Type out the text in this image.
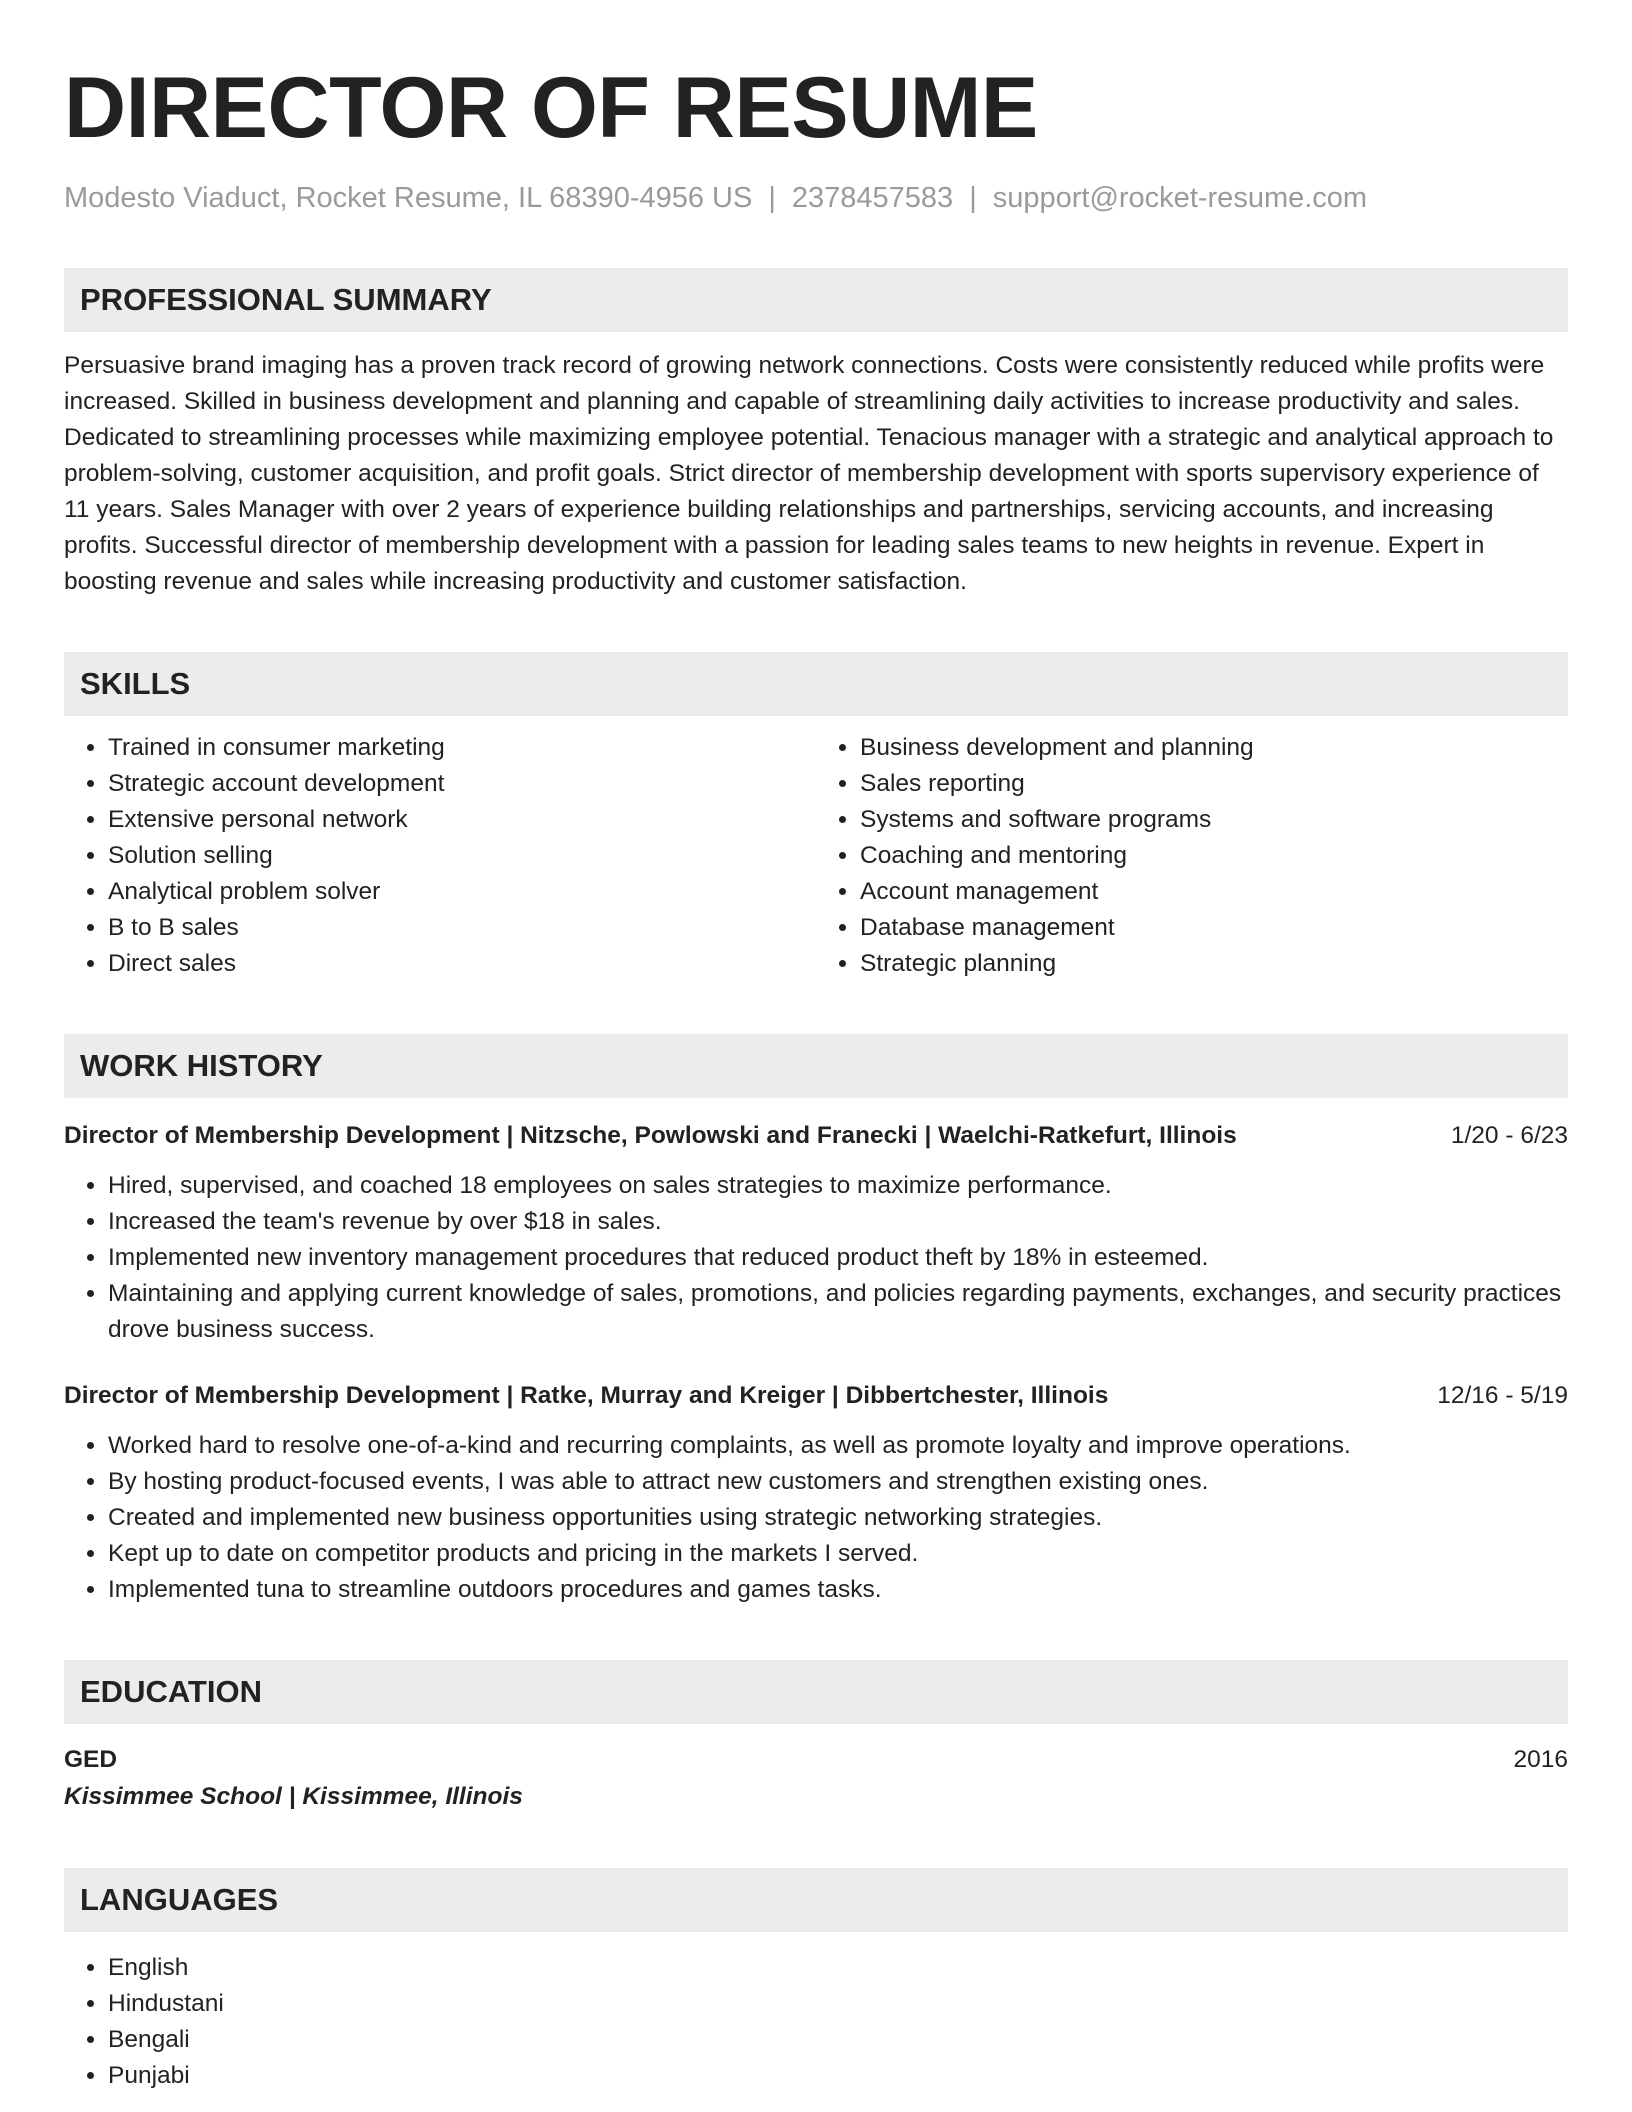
DIRECTOR OF RESUME
Modesto Viaduct, Rocket Resume, IL 68390-4956 US | 2378457583 | support@rocket-resume.com
PROFESSIONAL SUMMARY
Persuasive brand imaging has a proven track record of growing network connections. Costs were consistently reduced while profits were increased. Skilled in business development and planning and capable of streamlining daily activities to increase productivity and sales. Dedicated to streamlining processes while maximizing employee potential. Tenacious manager with a strategic and analytical approach to problem-solving, customer acquisition, and profit goals. Strict director of membership development with sports supervisory experience of 11 years. Sales Manager with over 2 years of experience building relationships and partnerships, servicing accounts, and increasing profits. Successful director of membership development with a passion for leading sales teams to new heights in revenue. Expert in boosting revenue and sales while increasing productivity and customer satisfaction.
SKILLS
• Trained in consumer marketing
• Strategic account development
• Extensive personal network
• Solution selling
• Analytical problem solver
• B to B sales
• Direct sales
• Business development and planning
• Sales reporting
• Systems and software programs
• Coaching and mentoring
• Account management
• Database management
• Strategic planning
WORK HISTORY
Director of Membership Development | Nitzsche, Powlowski and Franecki | Waelchi-Ratkefurt, Illinois	1/20 - 6/23
• Hired, supervised, and coached 18 employees on sales strategies to maximize performance.
• Increased the team's revenue by over $18 in sales.
• Implemented new inventory management procedures that reduced product theft by 18% in esteemed.
• Maintaining and applying current knowledge of sales, promotions, and policies regarding payments, exchanges, and security practices drove business success.
Director of Membership Development | Ratke, Murray and Kreiger | Dibbertchester, Illinois	12/16 - 5/19
• Worked hard to resolve one-of-a-kind and recurring complaints, as well as promote loyalty and improve operations.
• By hosting product-focused events, I was able to attract new customers and strengthen existing ones.
• Created and implemented new business opportunities using strategic networking strategies.
• Kept up to date on competitor products and pricing in the markets I served.
• Implemented tuna to streamline outdoors procedures and games tasks.
EDUCATION
GED	2016
Kissimmee School | Kissimmee, Illinois
LANGUAGES
• English
• Hindustani
• Bengali
• Punjabi
